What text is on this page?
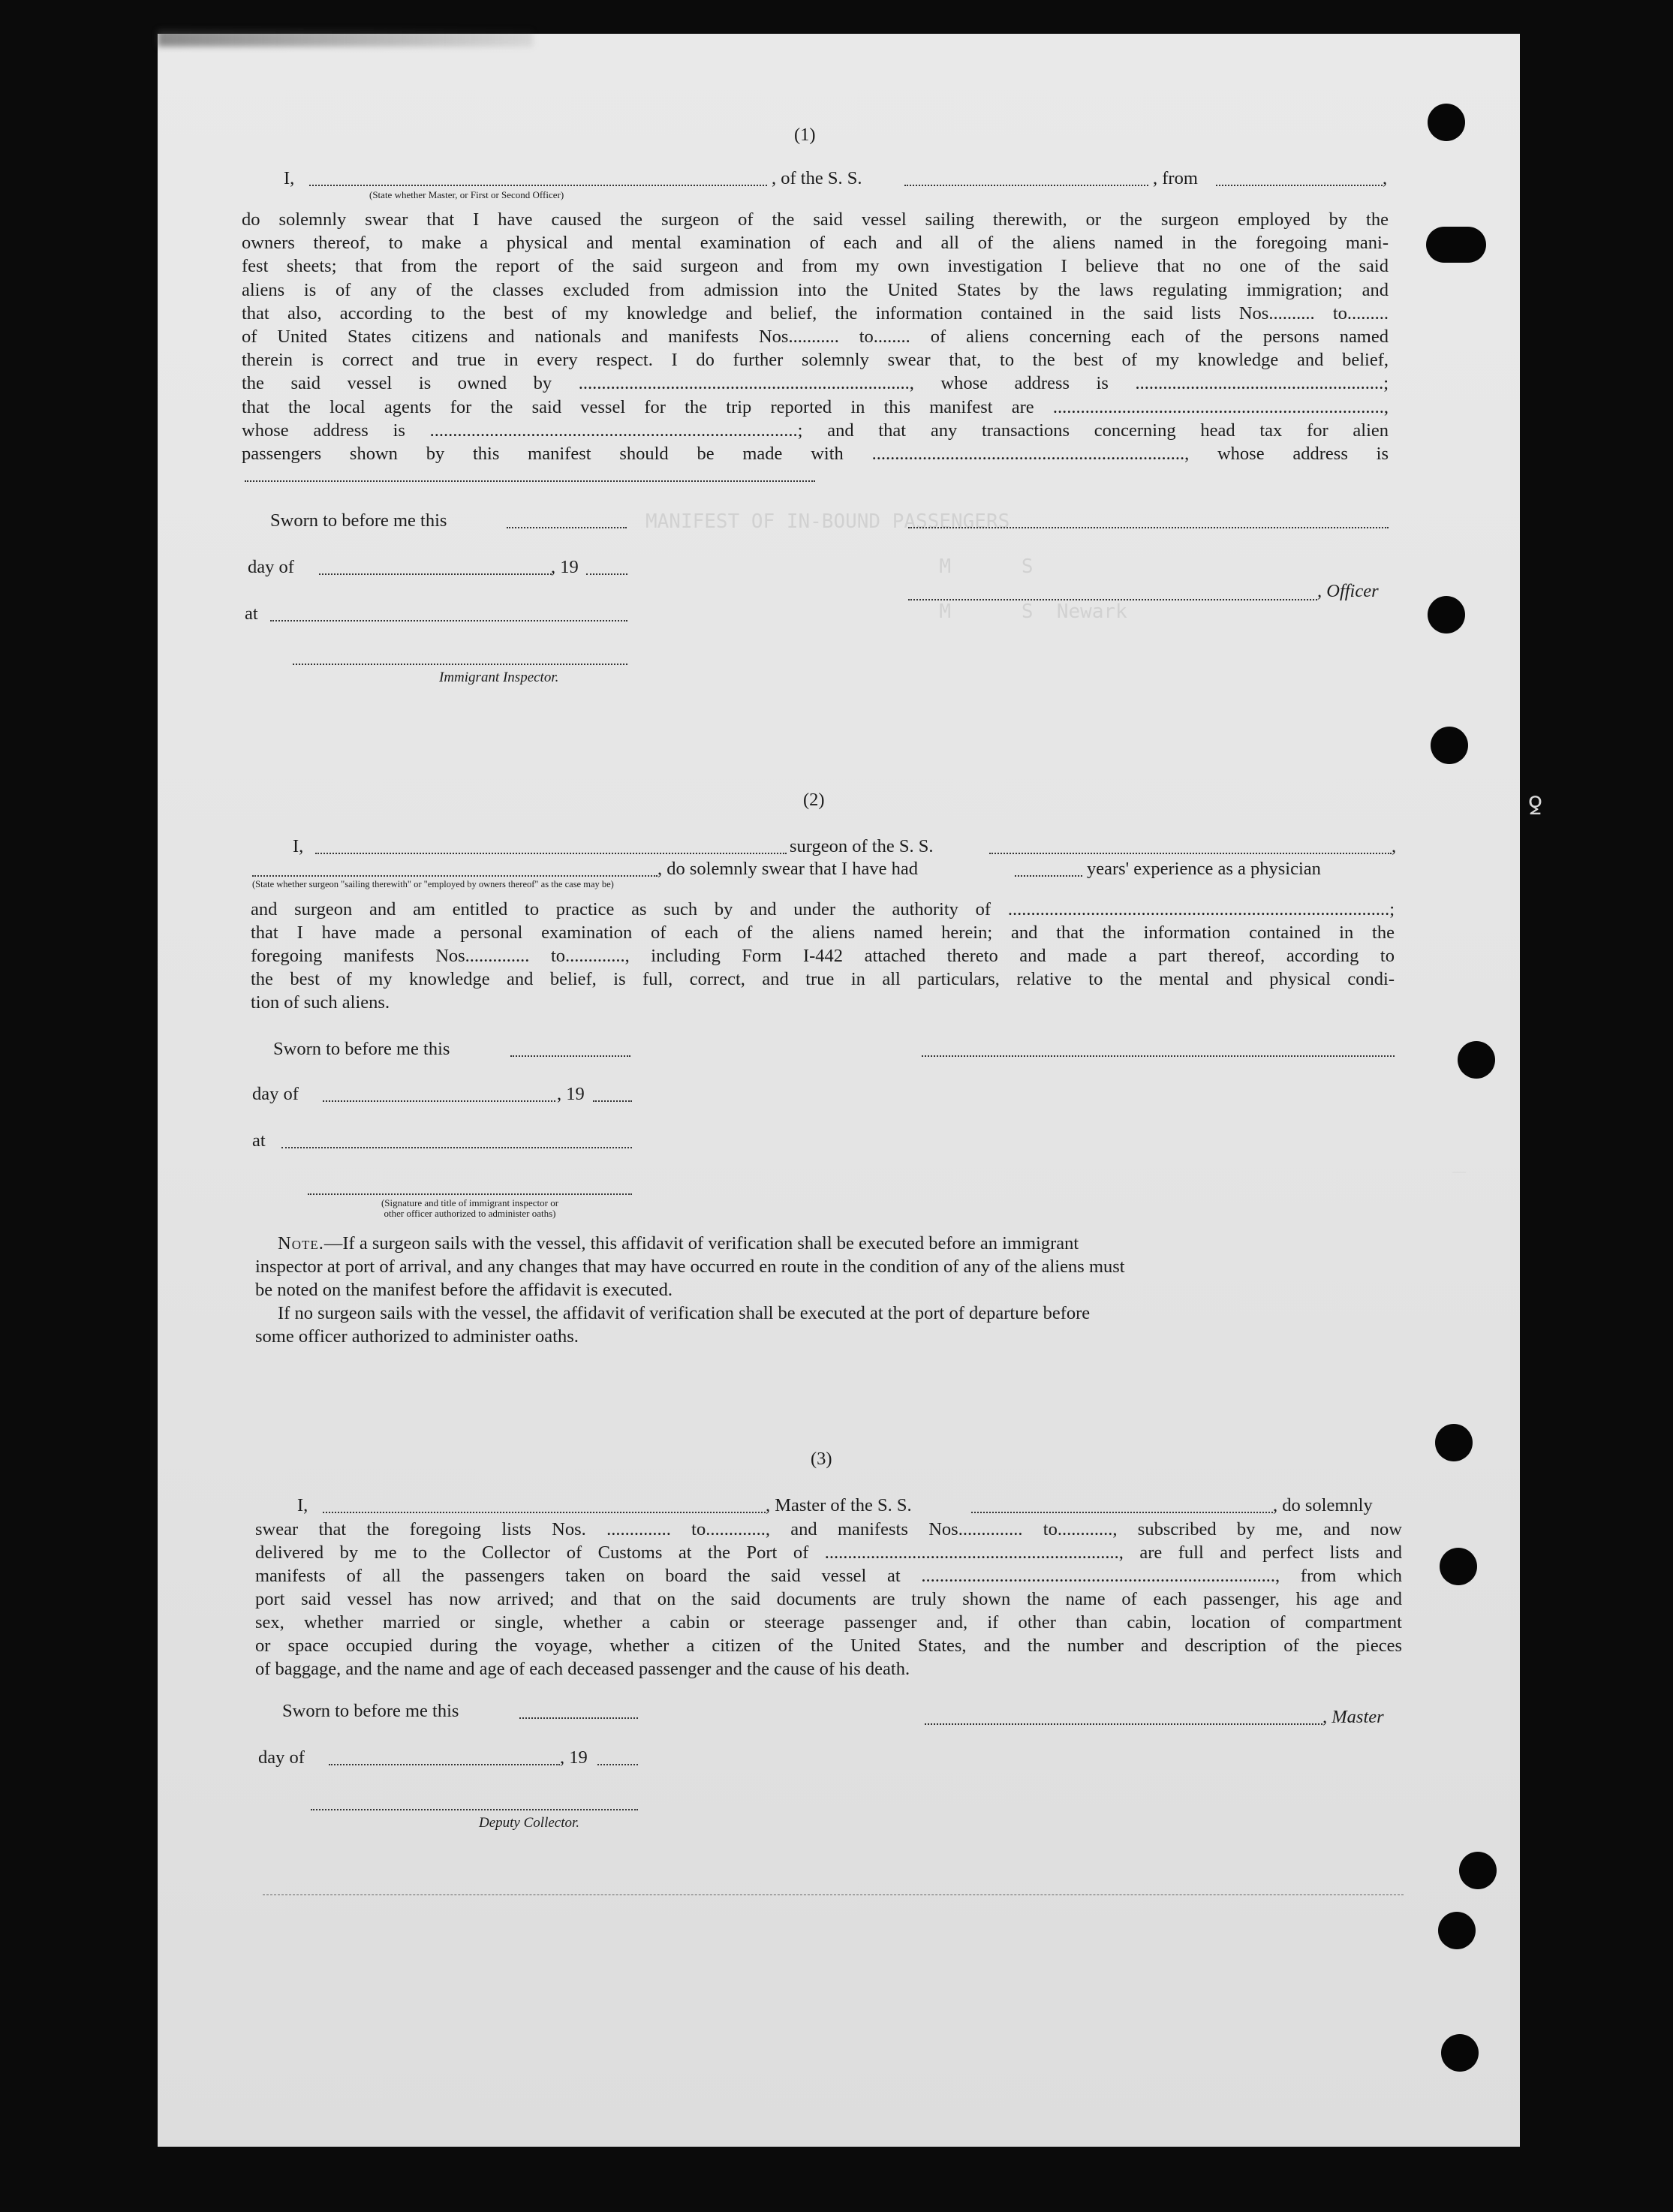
MANIFEST OF IN-BOUND PASSENGERS

M      S

M      S  Newark

ꝿ
(1)
I,	, of the S. S.	, from	,
(State whether Master, or First or Second Officer)
do solemnly swear that I have caused the surgeon of the said vessel sailing therewith, or the surgeon employed by the
owners thereof, to make a physical and mental examination of each and all of the aliens named in the foregoing mani-
fest sheets; that from the report of the said surgeon and from my own investigation I believe that no one of the said
aliens is of any of the classes excluded from admission into the United States by the laws regulating immigration; and
that also, according to the best of my knowledge and belief, the information contained in the said lists Nos.......... to.........
of United States citizens and nationals and manifests Nos........... to........ of aliens concerning each of the persons named
therein is correct and true in every respect. I do further solemnly swear that, to the best of my knowledge and belief,
the said vessel is owned by ........................................................................, whose address is ......................................................;
that the local agents for the said vessel for the trip reported in this manifest are ........................................................................,
whose address is ................................................................................; and that any transactions concerning head tax for alien
passengers shown by this manifest should be made with ...................................................................., whose address is
Sworn to before me this
day of	, 19
at
Immigrant Inspector.
, Officer
(2)
I,	surgeon of the S. S.	,
, do solemnly swear that I have had	years' experience as a physician
(State whether surgeon "sailing therewith" or "employed by owners thereof" as the case may be)
and surgeon and am entitled to practice as such by and under the authority of ...................................................................................;
that I have made a personal examination of each of the aliens named herein; and that the information contained in the
foregoing manifests Nos.............. to............., including Form I-442 attached thereto and made a part thereof, according to
the best of my knowledge and belief, is full, correct, and true in all particulars, relative to the mental and physical condi-
tion of such aliens.
Sworn to before me this
day of	, 19
at
(Signature and title of immigrant inspector or
other officer authorized to administer oaths)
Note.—If a surgeon sails with the vessel, this affidavit of verification shall be executed before an immigrant
inspector at port of arrival, and any changes that may have occurred en route in the condition of any of the aliens must
be noted on the manifest before the affidavit is executed.
If no surgeon sails with the vessel, the affidavit of verification shall be executed at the port of departure before
some officer authorized to administer oaths.
(3)
I,	, Master of the S. S.	, do solemnly
swear that the foregoing lists Nos. .............. to............., and manifests Nos.............. to............, subscribed by me, and now
delivered by me to the Collector of Customs at the Port of ................................................................, are full and perfect lists and
manifests of all the passengers taken on board the said vessel at ............................................................................., from which
port said vessel has now arrived; and that on the said documents are truly shown the name of each passenger, his age and
sex, whether married or single, whether a cabin or steerage passenger and, if other than cabin, location of compartment
or space occupied during the voyage, whether a citizen of the United States, and the number and description of the pieces
of baggage, and the name and age of each deceased passenger and the cause of his death.
Sworn to before me this
day of	, 19
Deputy Collector.
, Master
